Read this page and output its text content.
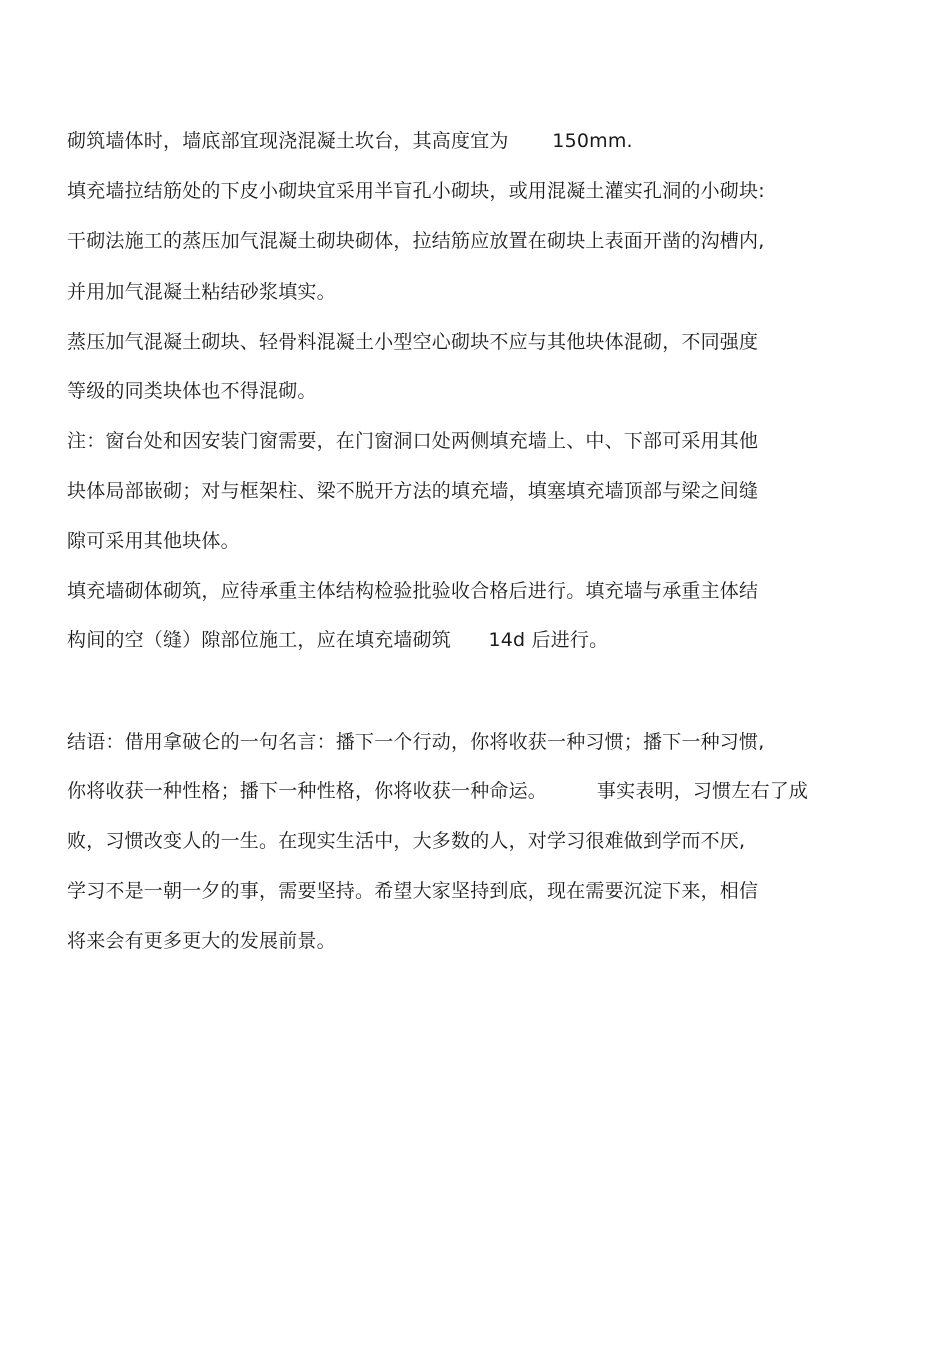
砌筑墙体时，墙底部宜现浇混凝土坎台，其高度宜为       150mm.
填充墙拉结筋处的下皮小砌块宜采用半盲孔小砌块，或用混凝土灌实孔洞的小砌块:
干砌法施工的蒸压加气混凝土砌块砌体，拉结筋应放置在砌块上表面开凿的沟槽内,
并用加气混凝土粘结砂浆填实。
蒸压加气混凝土砌块、轻骨料混凝土小型空心砌块不应与其他块体混砌，不同强度
等级的同类块体也不得混砌。
注：窗台处和因安装门窗需要，在门窗洞口处两侧填充墙上、中、下部可采用其他
块体局部嵌砌；对与框架柱、梁不脱开方法的填充墙，填塞填充墙顶部与梁之间缝
隙可采用其他块体。
填充墙砌体砌筑，应待承重主体结构检验批验收合格后进行。填充墙与承重主体结
构间的空（缝）隙部位施工，应在填充墙砌筑      14d 后进行。
结语：借用拿破仑的一句名言：播下一个行动，你将收获一种习惯；播下一种习惯,
你将收获一种性格；播下一种性格，你将收获一种命运。        事实表明，习惯左右了成
败，习惯改变人的一生。在现实生活中，大多数的人，对学习很难做到学而不厌,
学习不是一朝一夕的事，需要坚持。希望大家坚持到底，现在需要沉淀下来，相信
将来会有更多更大的发展前景。
